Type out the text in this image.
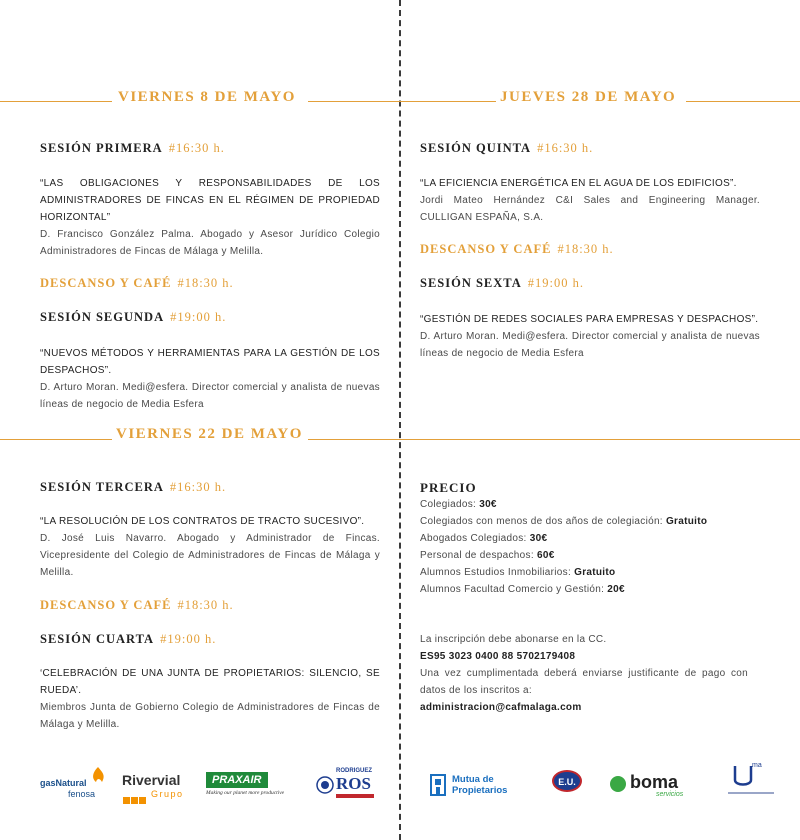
VIERNES 8 DE MAYO
SESIÓN PRIMERA #16:30 h.
“LAS OBLIGACIONES Y RESPONSABILIDADES DE LOS ADMINISTRADORES DE FINCAS EN EL RÉGIMEN DE PROPIEDAD HORIZONTAL”
D. Francisco González Palma. Abogado y Asesor Jurídico Colegio Administradores de Fincas de Málaga y Melilla.
DESCANSO Y CAFÉ #18:30 h.
SESIÓN SEGUNDA #19:00 h.
“NUEVOS MÉTODOS Y HERRAMIENTAS PARA LA GESTIÓN DE LOS DESPACHOS”.
D. Arturo Moran. Medi@esfera. Director comercial y analista de nuevas líneas de negocio de Media Esfera
JUEVES 28 DE MAYO
SESIÓN QUINTA #16:30 h.
“LA EFICIENCIA ENERGÉTICA EN EL AGUA DE LOS EDIFICIOS”.
Jordi Mateo Hernández C&I Sales and Engineering Manager. CULLIGAN ESPAÑA, S.A.
DESCANSO Y CAFÉ #18:30 h.
SESIÓN SEXTA #19:00 h.
“GESTIÓN DE REDES SOCIALES PARA EMPRESAS Y DESPACHOS”.
D. Arturo Moran. Medi@esfera. Director comercial y analista de nuevas líneas de negocio de Media Esfera
VIERNES 22 DE MAYO
SESIÓN TERCERA #16:30 h.
“LA RESOLUCIÓN DE LOS CONTRATOS DE TRACTO SUCESIVO”.
D. José Luis Navarro. Abogado y Administrador de Fincas. Vicepresidente del Colegio de Administradores de Fincas de Málaga y Melilla.
DESCANSO Y CAFÉ #18:30 h.
SESIÓN CUARTA #19:00 h.
‘CELEBRACIÓN DE UNA JUNTA DE PROPIETARIOS: SILENCIO, SE RUEDA’.
Miembros Junta de Gobierno Colegio de Administradores de Fincas de Málaga y Melilla.
PRECIO
Colegiados: 30€
Colegiados con menos de dos años de colegiación: Gratuito
Abogados Colegiados: 30€
Personal de despachos: 60€
Alumnos Estudios Inmobiliarios: Gratuito
Alumnos Facultad Comercio y Gestión: 20€
La inscripción debe abonarse en la CC.
ES95 3023 0400 88 5702179408
Una vez cumplimentada deberá enviarse justificante de pago con datos de los inscritos a:
administracion@cafmalaga.com
gasNatural
fenosa
Rivervial
Grupo
PRAXAIR
Making our planet more productive
RODRIGUEZ
ROS	Mutua de
Propietarios
E.U.	boma
servicios
ma
